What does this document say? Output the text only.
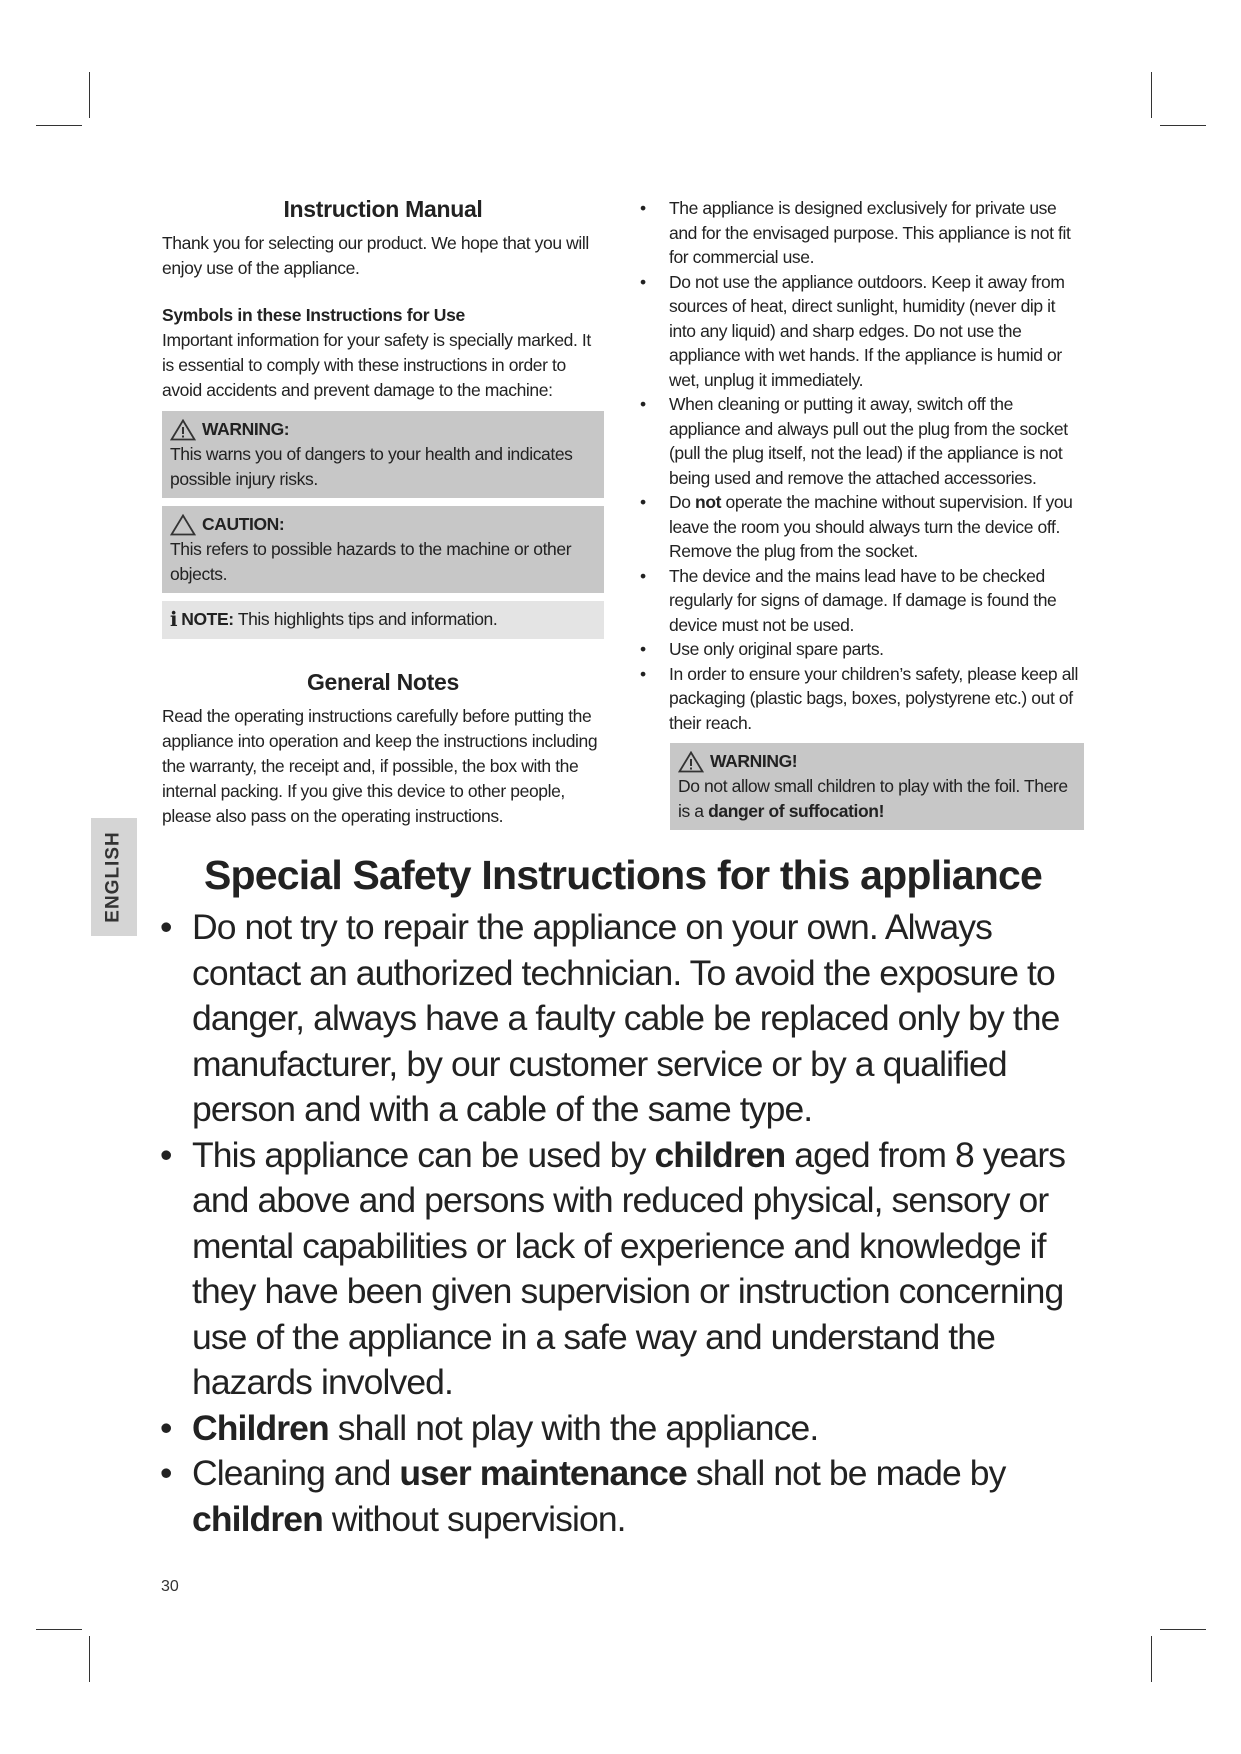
Instruction Manual

Thank you for selecting our product. We hope that you will enjoy use of the appliance.

Symbols in these Instructions for Use

Important information for your safety is specially marked. It is essential to comply with these instructions in order to avoid accidents and prevent damage to the machine:

WARNING:
This warns you of dangers to your health and indicates possible injury risks.
CAUTION:
This refers to possible hazards to the machine or other objects.
ℹ NOTE: This highlights tips and information.
General Notes

Read the operating instructions carefully before putting the appliance into operation and keep the instructions including the warranty, the receipt and, if possible, the box with the internal packing. If you give this device to other people, please also pass on the operating instructions.

• The appliance is designed exclusively for private use and for the envisaged purpose. This appliance is not fit for commercial use.
• Do not use the appliance outdoors. Keep it away from sources of heat, direct sunlight, humidity (never dip it into any liquid) and sharp edges. Do not use the appliance with wet hands. If the appliance is humid or wet, unplug it immediately.
• When cleaning or putting it away, switch off the appliance and always pull out the plug from the socket (pull the plug itself, not the lead) if the appliance is not being used and remove the attached accessories.
• Do not operate the machine without supervision. If you leave the room you should always turn the device off. Remove the plug from the socket.
• The device and the mains lead have to be checked regularly for signs of damage. If damage is found the device must not be used.
• Use only original spare parts.
• In order to ensure your children’s safety, please keep all packaging (plastic bags, boxes, polystyrene etc.) out of their reach.
WARNING!
Do not allow small children to play with the foil. There is a danger of suffocation!
ENGLISH	Special Safety Instructions for this appliance
• Do not try to repair the appliance on your own. Always contact an authorized technician. To avoid the exposure to danger, always have a faulty cable be replaced only by the manufacturer, by our customer service or by a qualified person and with a cable of the same type.
• This appliance can be used by children aged from 8 years and above and persons with reduced physical, sensory or mental capabilities or lack of experience and knowledge if they have been given supervision or instruction concerning use of the appliance in a safe way and understand the hazards involved.
• Children shall not play with the appliance.
• Cleaning and user maintenance shall not be made by children without supervision.
30
